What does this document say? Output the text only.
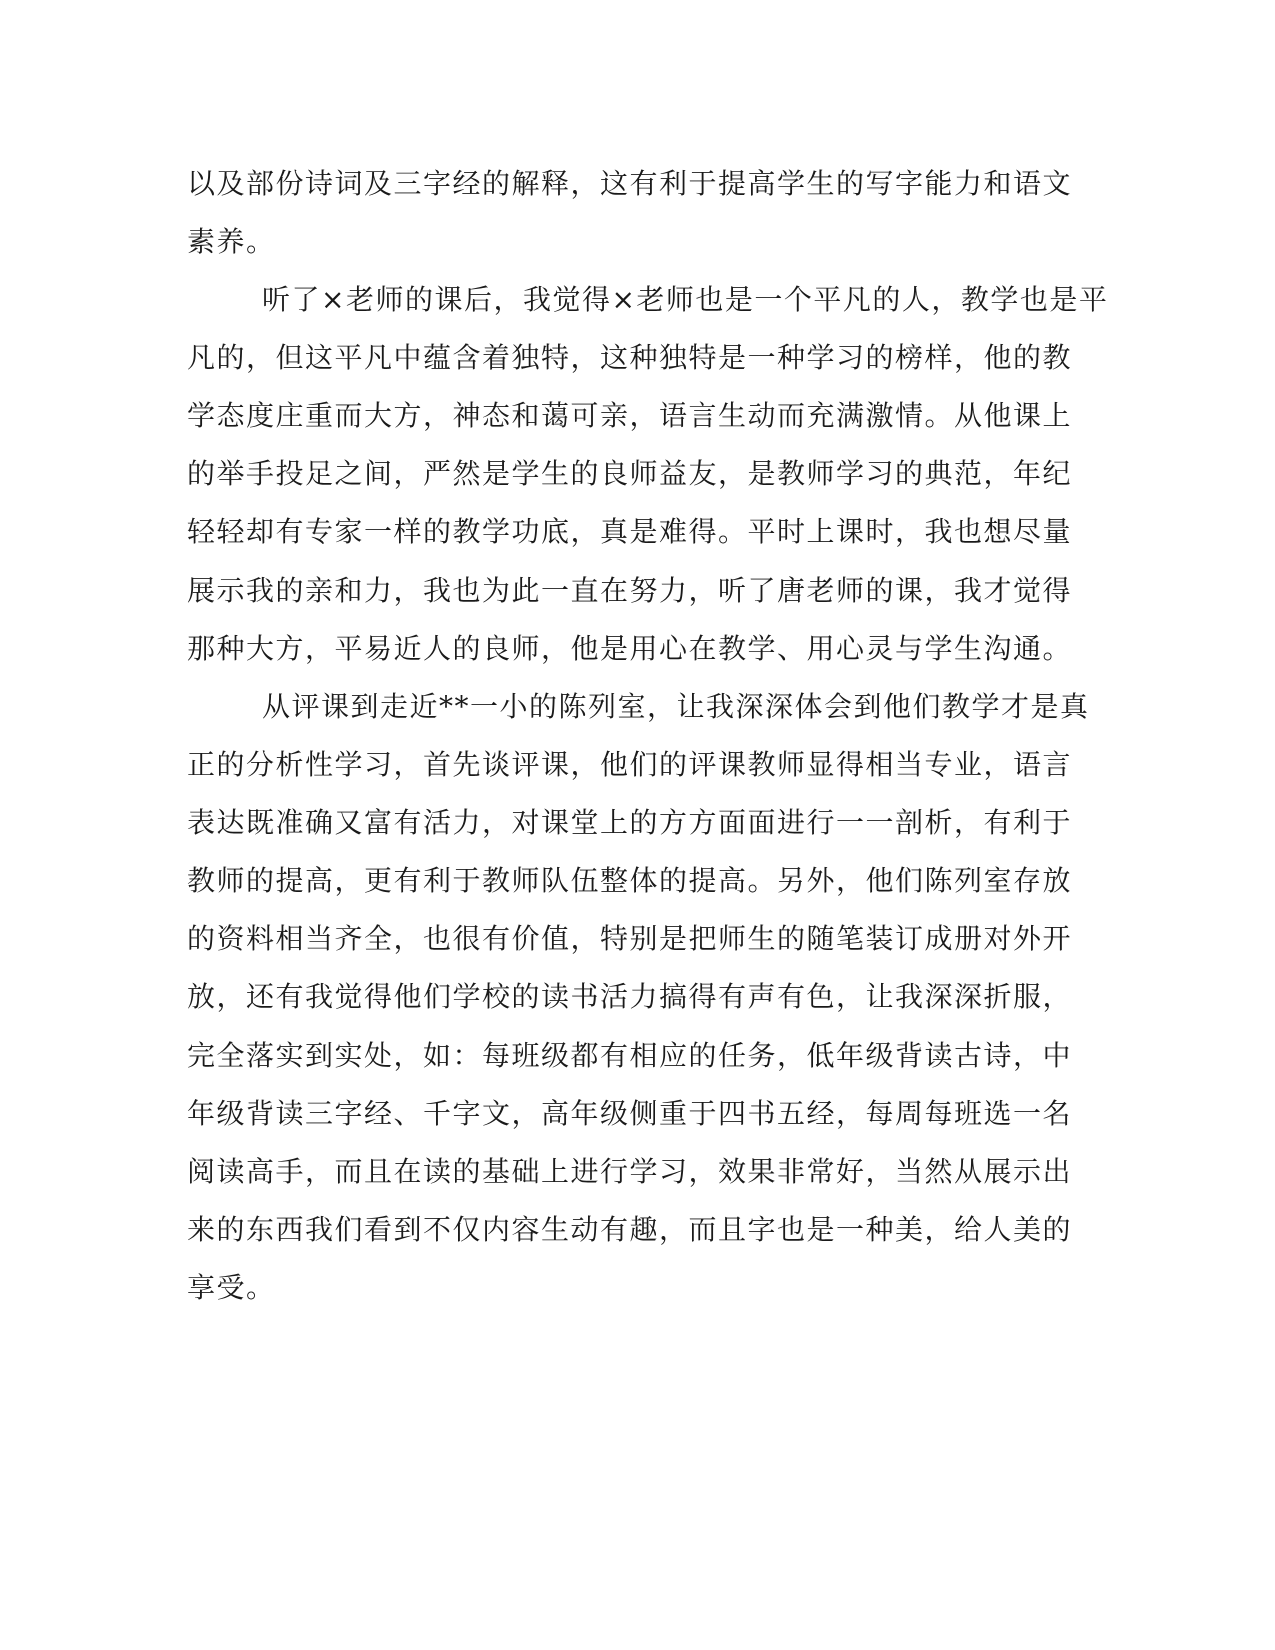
以及部份诗词及三字经的解释，这有利于提高学生的写字能力和语文
素养。
听了×老师的课后，我觉得×老师也是一个平凡的人，教学也是平
凡的，但这平凡中蕴含着独特，这种独特是一种学习的榜样，他的教
学态度庄重而大方，神态和蔼可亲，语言生动而充满激情。从他课上
的举手投足之间，严然是学生的良师益友，是教师学习的典范，年纪
轻轻却有专家一样的教学功底，真是难得。平时上课时，我也想尽量
展示我的亲和力，我也为此一直在努力，听了唐老师的课，我才觉得
那种大方，平易近人的良师，他是用心在教学、用心灵与学生沟通。
从评课到走近**一小的陈列室，让我深深体会到他们教学才是真
正的分析性学习，首先谈评课，他们的评课教师显得相当专业，语言
表达既准确又富有活力，对课堂上的方方面面进行一一剖析，有利于
教师的提高，更有利于教师队伍整体的提高。另外，他们陈列室存放
的资料相当齐全，也很有价值，特别是把师生的随笔装订成册对外开
放，还有我觉得他们学校的读书活力搞得有声有色，让我深深折服，
完全落实到实处，如：每班级都有相应的任务，低年级背读古诗，中
年级背读三字经、千字文，高年级侧重于四书五经，每周每班选一名
阅读高手，而且在读的基础上进行学习，效果非常好，当然从展示出
来的东西我们看到不仅内容生动有趣，而且字也是一种美，给人美的
享受。
